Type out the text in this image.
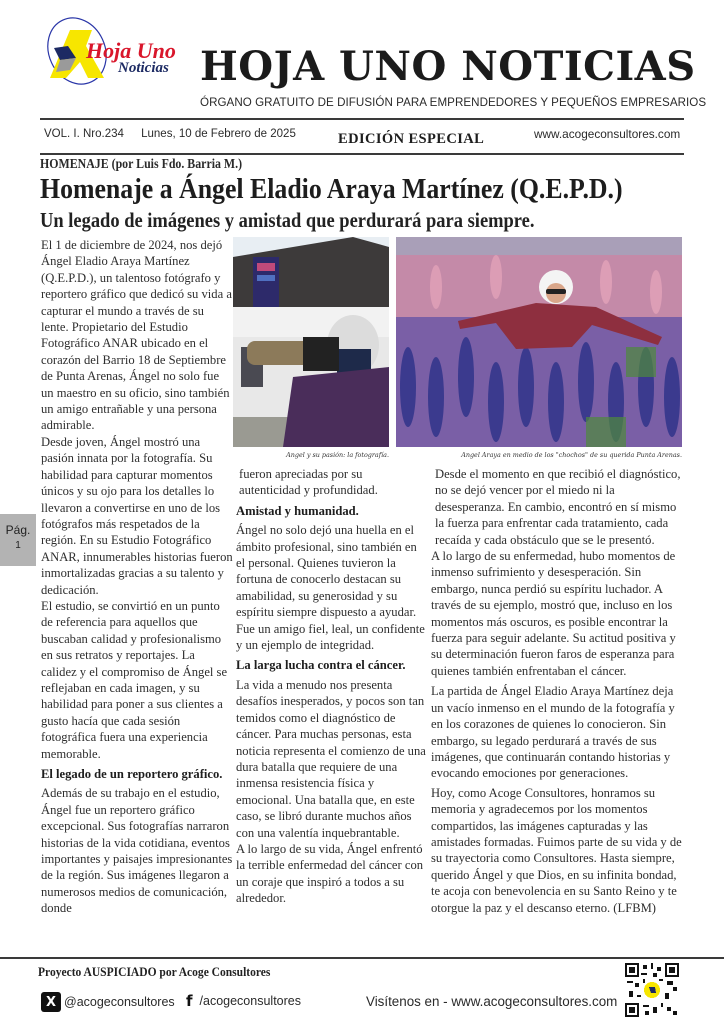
Hoja Uno
Noticias HOJA UNO NOTICIAS
ÓRGANO GRATUITO DE DIFUSIÓN PARA EMPRENDEDORES Y PEQUEÑOS EMPRESARIOS
VOL. I. Nro.234 Lunes, 10 de Febrero de 2025	EDICIÓN ESPECIAL	www.acogeconsultores.com
HOMENAJE (por Luis Fdo. Barria M.)
Homenaje a Ángel Eladio Araya Martínez (Q.E.P.D.)
Un legado de imágenes y amistad que perdurará para siempre.
Angel y su pasión: la fotografía.	Angel Araya en medio de los "chochos" de su querida Punta Arenas.

El 1 de diciembre de 2024, nos dejó Ángel Eladio Araya Martínez (Q.E.P.D.), un talentoso fotógrafo y reportero gráfico que dedicó su vida a capturar el mundo a través de su lente. Propietario del Estudio Fotográfico ANAR ubicado en el corazón del Barrio 18 de Septiembre de Punta Arenas, Ángel no solo fue un maestro en su oficio, sino también un amigo entrañable y una persona admirable.

Desde joven, Ángel mostró una pasión innata por la fotografía. Su habilidad para capturar momentos únicos y su ojo para los detalles lo llevaron a convertirse en uno de los fotógrafos más respetados de la región. En su Estudio Fotográfico ANAR, innumerables historias fueron inmortalizadas gracias a su talento y dedicación.

El estudio, se convirtió en un punto de referencia para aquellos que buscaban calidad y profesionalismo en sus retratos y reportajes. La calidez y el compromiso de Ángel se reflejaban en cada imagen, y su habilidad para poner a sus clientes a gusto hacía que cada sesión fotográfica fuera una experiencia memorable.

El legado de un reportero gráfico.

Además de su trabajo en el estudio, Ángel fue un reportero gráfico excepcional. Sus fotografías narraron historias de la vida cotidiana, eventos importantes y paisajes impresionantes de la región. Sus imágenes llegaron a numerosos medios de comunicación, donde

fueron apreciadas por su autenticidad y profundidad.

Amistad y humanidad.

Ángel no solo dejó una huella en el ámbito profesional, sino también en el personal. Quienes tuvieron la fortuna de conocerlo destacan su amabilidad, su generosidad y su espíritu siempre dispuesto a ayudar. Fue un amigo fiel, leal, un confidente y un ejemplo de integridad.

La larga lucha contra el cáncer.

La vida a menudo nos presenta desafíos inesperados, y pocos son tan temidos como el diagnóstico de cáncer. Para muchas personas, esta noticia representa el comienzo de una dura batalla que requiere de una inmensa resistencia física y emocional. Una batalla que, en este caso, se libró durante muchos años con una valentía inquebrantable.

A lo largo de su vida, Ángel enfrentó la terrible enfermedad del cáncer con un coraje que inspiró a todos a su alrededor.

Desde el momento en que recibió el diagnóstico, no se dejó vencer por el miedo ni la desesperanza. En cambio, encontró en sí mismo la fuerza para enfrentar cada tratamiento, cada recaída y cada obstáculo que se le presentó.

A lo largo de su enfermedad, hubo momentos de inmenso sufrimiento y desesperación. Sin embargo, nunca perdió su espíritu luchador. A través de su ejemplo, mostró que, incluso en los momentos más oscuros, es posible encontrar la fuerza para seguir adelante. Su actitud positiva y su determinación fueron faros de esperanza para quienes también enfrentaban el cáncer.

La partida de Ángel Eladio Araya Martínez deja un vacío inmenso en el mundo de la fotografía y en los corazones de quienes lo conocieron. Sin embargo, su legado perdurará a través de sus imágenes, que continuarán contando historias y evocando emociones por generaciones.

Hoy, como Acoge Consultores, honramos su memoria y agradecemos por los momentos compartidos, las imágenes capturadas y las amistades formadas. Fuimos parte de su vida y de su trayectoria como Consultores. Hasta siempre, querido Ángel y que Dios, en su infinita bondad, te acoja con benevolencia en su Santo Reino y te otorgue la paz y el descanso eterno. (LFBM)

Pág.
1
Proyecto AUSPICIADO por Acoge Consultores
X @acogeconsultores f /acogeconsultores	Visítenos en - www.acogeconsultores.com
